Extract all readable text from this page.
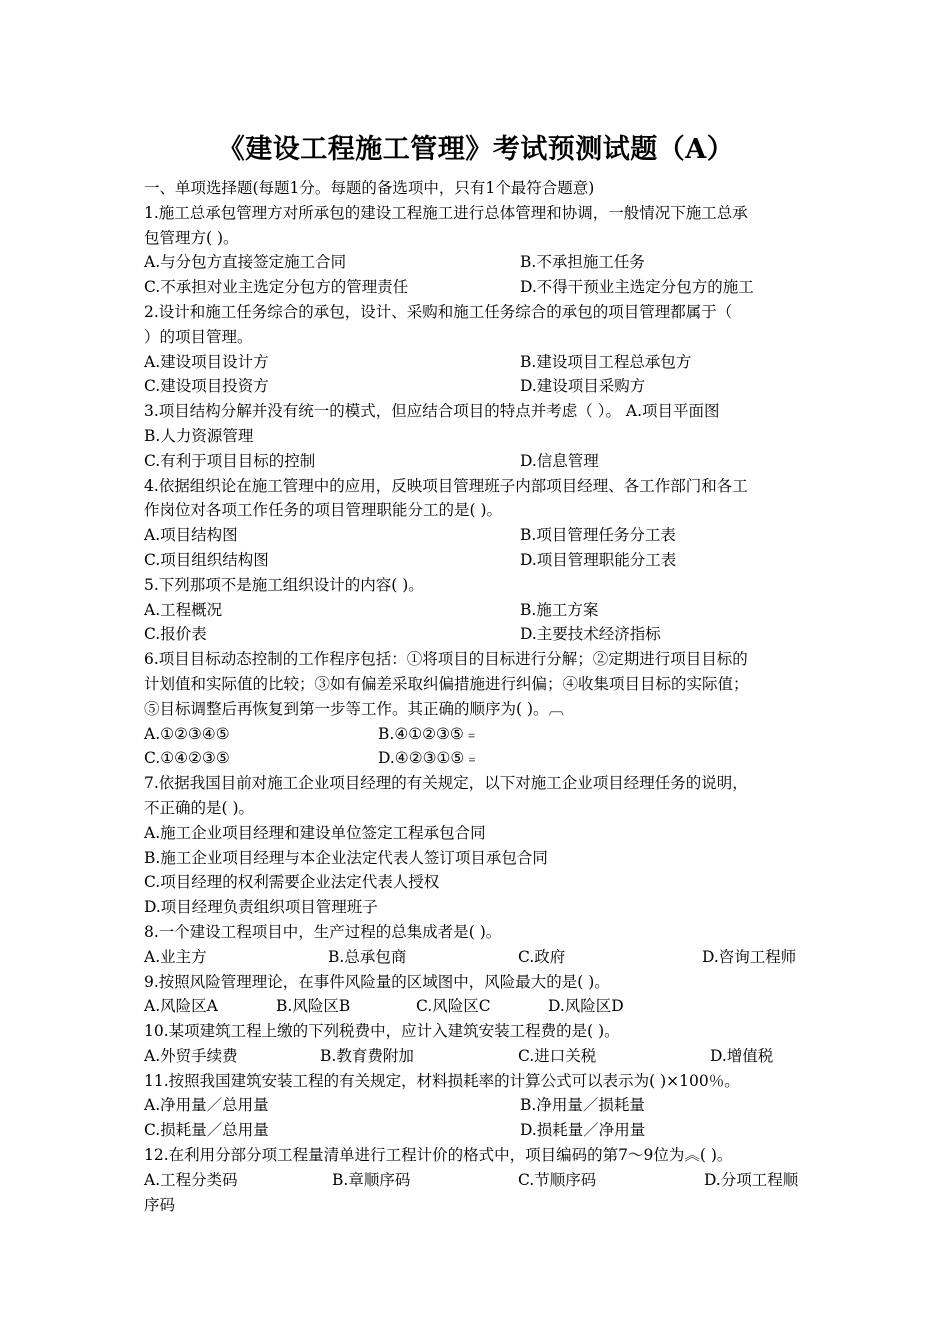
《建设工程施工管理》考试预测试题（A）

一、单项选择题(每题1分。每题的备选项中，只有1个最符合题意)

1.施工总承包管理方对所承包的建设工程施工进行总体管理和协调，一般情况下施工总承

包管理方( )。

A.与分包方直接签定施工合同	B.不承担施工任务
C.不承担对业主选定分包方的管理责任	D.不得干预业主选定分包方的施工

2.设计和施工任务综合的承包，设计、采购和施工任务综合的承包的项目管理都属于（

）的项目管理。

A.建设项目设计方	B.建设项目工程总承包方
C.建设项目投资方	D.建设项目采购方

3.项目结构分解并没有统一的模式，但应结合项目的特点并考虑（ ）。 A.项目平面图

B.人力资源管理

C.有利于项目目标的控制	D.信息管理

4.依据组织论在施工管理中的应用，反映项目管理班子内部项目经理、各工作部门和各工

作岗位对各项工作任务的项目管理职能分工的是( )。

A.项目结构图	B.项目管理任务分工表
C.项目组织结构图	D.项目管理职能分工表

5.下列那项不是施工组织设计的内容( )。

A.工程概况	B.施工方案
C.报价表	D.主要技术经济指标

6.项目目标动态控制的工作程序包括：①将项目的目标进行分解；②定期进行项目目标的

计划值和实际值的比较；③如有偏差采取纠偏措施进行纠偏；④收集项目目标的实际值；

⑤目标调整后再恢复到第一步等工作。其正确的顺序为( )。︹

A.①②③④⑤	B.④①②③⑤﹦
C.①④②③⑤	D.④②③①⑤﹦

7.依据我国目前对施工企业项目经理的有关规定，以下对施工企业项目经理任务的说明，

不正确的是( )。

A.施工企业项目经理和建设单位签定工程承包合同

B.施工企业项目经理与本企业法定代表人签订项目承包合同

C.项目经理的权利需要企业法定代表人授权

D.项目经理负责组织项目管理班子

8.一个建设工程项目中，生产过程的总集成者是( )。

A.业主方	B.总承包商	C.政府	D.咨询工程师

9.按照风险管理理论，在事件风险量的区域图中，风险最大的是( )。

A.风险区A	B.风险区B	C.风险区C	D.风险区D

10.某项建筑工程上缴的下列税费中，应计入建筑安装工程费的是( )。

A.外贸手续费	B.教育费附加	C.进口关税	D.增值税

11.按照我国建筑安装工程的有关规定，材料损耗率的计算公式可以表示为( )×100％。

A.净用量／总用量	B.净用量／损耗量
C.损耗量／总用量	D.损耗量／净用量

12.在利用分部分项工程量清单进行工程计价的格式中，项目编码的第7～9位为︽( )。

A.工程分类码	B.章顺序码	C.节顺序码	D.分项工程顺

序码
